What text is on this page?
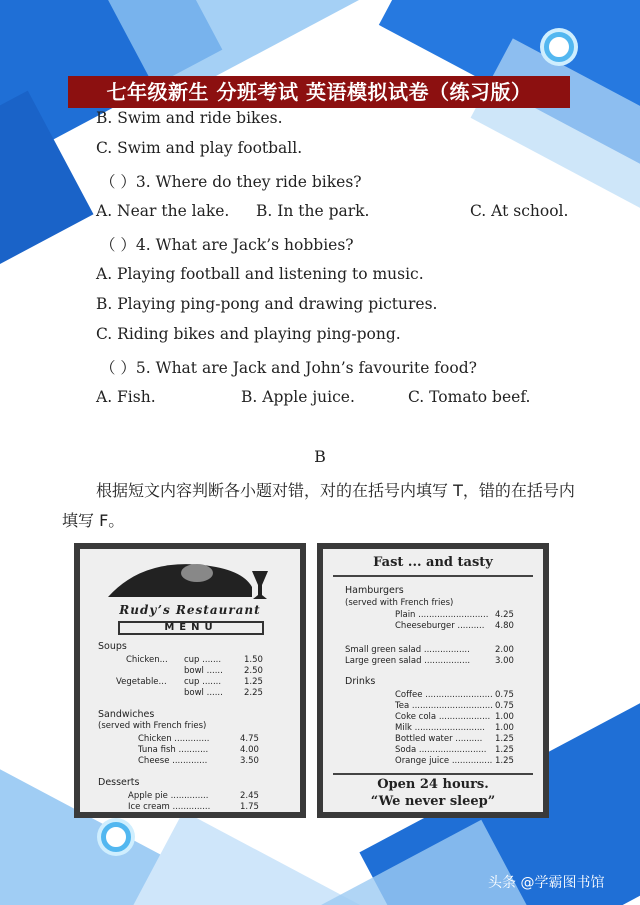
七年级新生 分班考试 英语模拟试卷（练习版）
B. Swim and ride bikes.
C. Swim and play football.
（ ）3. Where do they ride bikes?
A. Near the lake. B. In the park.	C. At school.
（ ）4. What are Jack’s hobbies?
A. Playing football and listening to music.
B. Playing ping-pong and drawing pictures.
C. Riding bikes and playing ping-pong.
（ ）5. What are Jack and John’s favourite food?
A. Fish.	B. Apple juice.	C. Tomato beef.
B
根据短文内容判断各小题对错，对的在括号内填写 T，错的在括号内填写 F。
Rudy’s Restaurant
MENU
Soups
Chicken... cup .......	1.50
bowl ...... 2.50
Vegetable... cup .......	1.25
bowl ...... 2.25
Sandwiches
(served with French fries)
Chicken .............	4.75
Tuna fish ...........	4.00
Cheese .............	3.50
Desserts
Apple pie ..............	2.45
Ice cream ..............	1.75
Fast ... and tasty
Hamburgers
(served with French fries)
Plain .......................... 4.25
Cheeseburger .......... 4.80
Small green salad .................	2.00
Large green salad .................	3.00
Drinks
Coffee ......................... 0.75
Tea .............................. 0.75
Coke cola ................... 1.00
Milk .......................... 1.00
Bottled water .......... 1.25
Soda ......................... 1.25
Orange juice ............... 1.25
Open 24 hours.
“We never sleep”
头条 @学霸图书馆
